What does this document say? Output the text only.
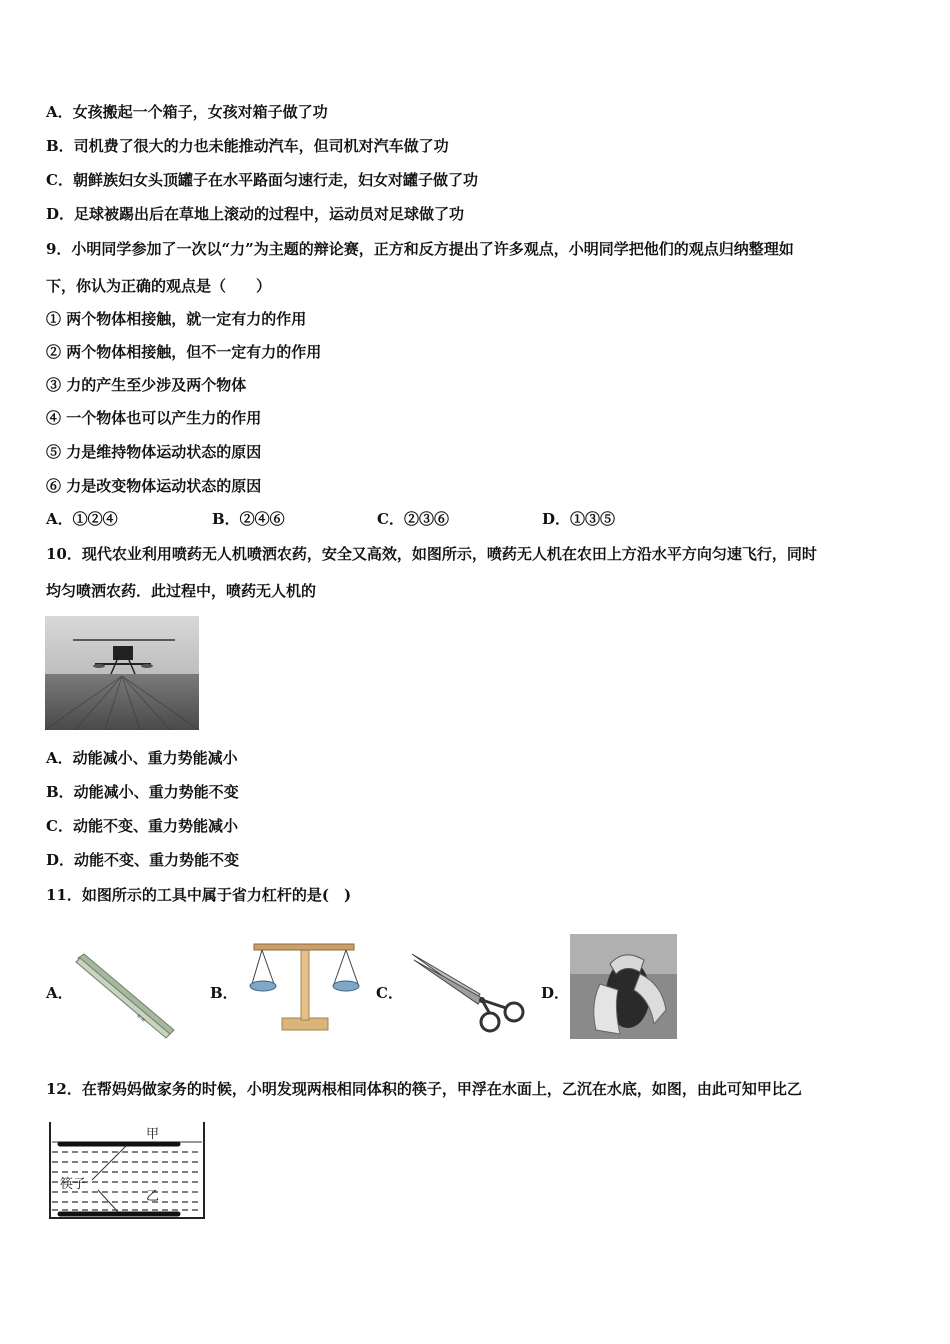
A．女孩搬起一个箱子，女孩对箱子做了功
B．司机费了很大的力也未能推动汽车，但司机对汽车做了功
C．朝鲜族妇女头顶罐子在水平路面匀速行走，妇女对罐子做了功
D．足球被踢出后在草地上滚动的过程中，运动员对足球做了功
9．小明同学参加了一次以“力”为主题的辩论赛，正方和反方提出了许多观点，小明同学把他们的观点归纳整理如
下，你认为正确的观点是（　　）
① 两个物体相接触，就一定有力的作用
② 两个物体相接触，但不一定有力的作用
③ 力的产生至少涉及两个物体
④ 一个物体也可以产生力的作用
⑤ 力是维持物体运动状态的原因
⑥ 力是改变物体运动状态的原因
A．①②④	B．②④⑥	C．②③⑥	D．①③⑤
10．现代农业利用喷药无人机喷洒农药，安全又高效，如图所示，喷药无人机在农田上方沿水平方向匀速飞行，同时
均匀喷洒农药．此过程中，喷药无人机的
A．动能减小、重力势能减小
B．动能减小、重力势能不变
C．动能不变、重力势能减小
D．动能不变、重力势能不变
11．如图所示的工具中属于省力杠杆的是(　)
A．
≡≡
B．	C．	D．
12．在帮妈妈做家务的时候，小明发现两根相同体积的筷子，甲浮在水面上，乙沉在水底，如图，由此可知甲比乙
甲
乙
筷子
